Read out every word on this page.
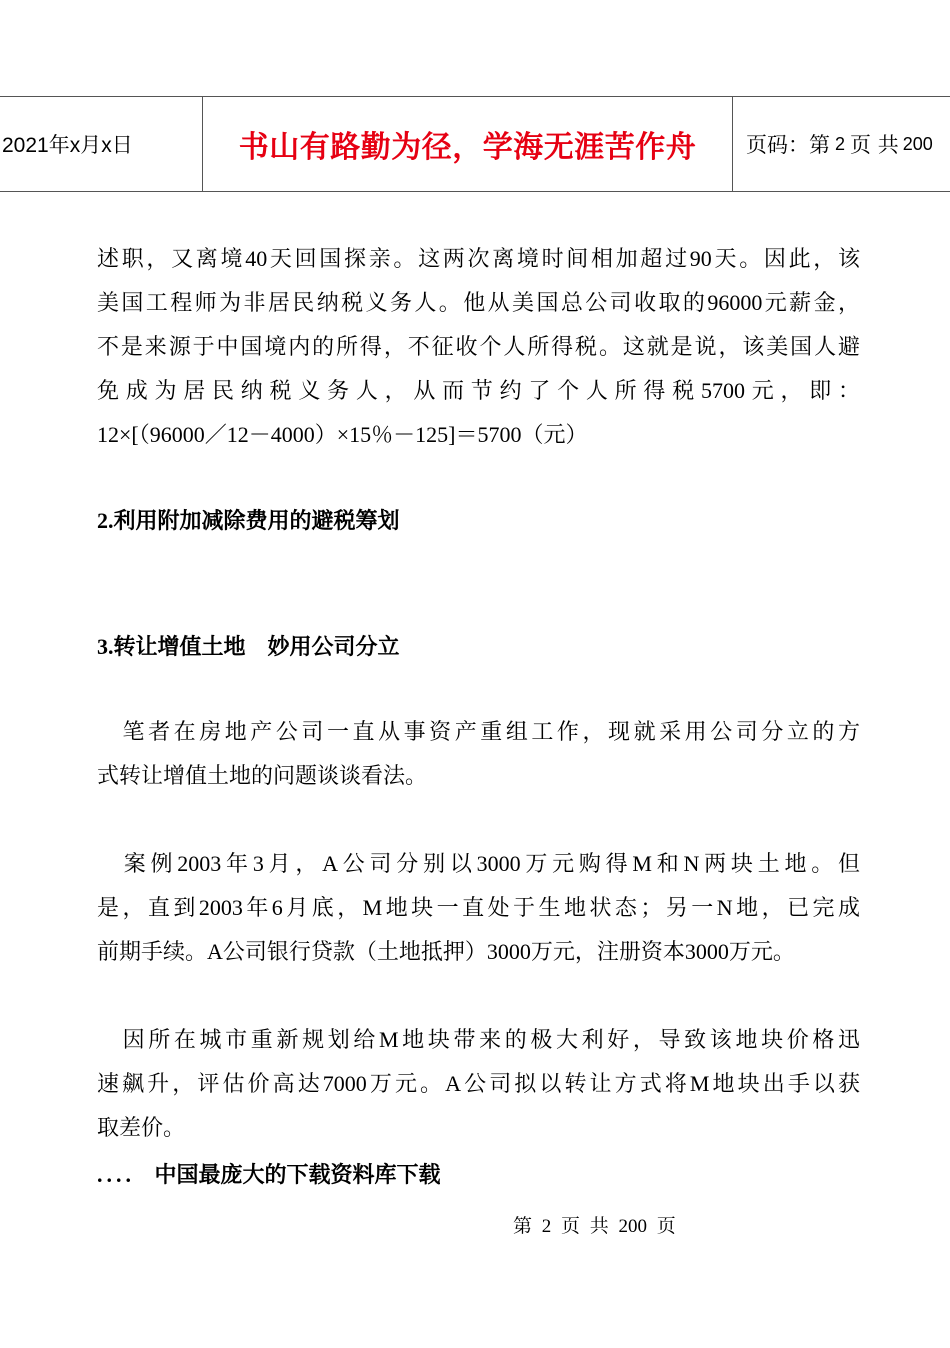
2021年x月x日	书山有路勤为径，学海无涯苦作舟	页码：第 2 页 共 200

述职，又离境40天回国探亲。这两次离境时间相加超过90天。因此，该

美国工程师为非居民纳税义务人。他从美国总公司收取的96000元薪金，

不是来源于中国境内的所得，不征收个人所得税。这就是说，该美国人避

免成为居民纳税义务人，从而节约了个人所得税5700元，即：

12×[（96000／12－4000）×15％－125]＝5700（元）

2.利用附加减除费用的避税筹划
3.转让增值土地　妙用公司分立

　笔者在房地产公司一直从事资产重组工作，现就采用公司分立的方

式转让增值土地的问题谈谈看法。

　案例2003年3月，A公司分别以3000万元购得M和N两块土地。但

是，直到2003年6月底，M地块一直处于生地状态；另一N地，已完成

前期手续。A公司银行贷款（土地抵押）3000万元，注册资本3000万元。

　因所在城市重新规划给M地块带来的极大利好，导致该地块价格迅

速飙升，评估价高达7000万元。A公司拟以转让方式将M地块出手以获

取差价。

.... 中国最庞大的下载资料库下载
第 2 页 共 200 页
